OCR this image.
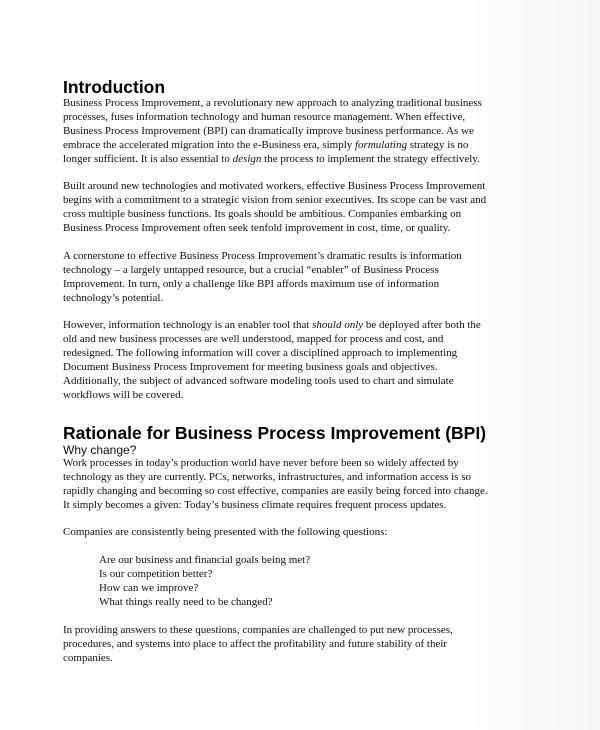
Introduction
Business Process Improvement, a revolutionary new approach to analyzing traditional business
processes, fuses information technology and human resource management. When effective,
Business Process Improvement (BPI) can dramatically improve business performance. As we
embrace the accelerated migration into the e-Business era, simply formulating strategy is no
longer sufficient. It is also essential to design the process to implement the strategy effectively.
Built around new technologies and motivated workers, effective Business Process Improvement
begins with a commitment to a strategic vision from senior executives. Its scope can be vast and
cross multiple business functions. Its goals should be ambitious. Companies embarking on
Business Process Improvement often seek tenfold improvement in cost, time, or quality.
A cornerstone to effective Business Process Improvement’s dramatic results is information
technology – a largely untapped resource, but a crucial “enabler” of Business Process
Improvement. In turn, only a challenge like BPI affords maximum use of information
technology’s potential.
However, information technology is an enabler tool that should only be deployed after both the
old and new business processes are well understood, mapped for process and cost, and
redesigned. The following information will cover a disciplined approach to implementing
Document Business Process Improvement for meeting business goals and objectives.
Additionally, the subject of advanced software modeling tools used to chart and simulate
workflows will be covered.
Rationale for Business Process Improvement (BPI)
Why change?
Work processes in today’s production world have never before been so widely affected by
technology as they are currently. PCs, networks, infrastructures, and information access is so
rapidly changing and becoming so cost effective, companies are easily being forced into change.
It simply becomes a given: Today’s business climate requires frequent process updates.
Companies are consistently being presented with the following questions:
Are our business and financial goals being met?
Is our competition better?
How can we improve?
What things really need to be changed?
In providing answers to these questions, companies are challenged to put new processes,
procedures, and systems into place to affect the profitability and future stability of their
companies.
